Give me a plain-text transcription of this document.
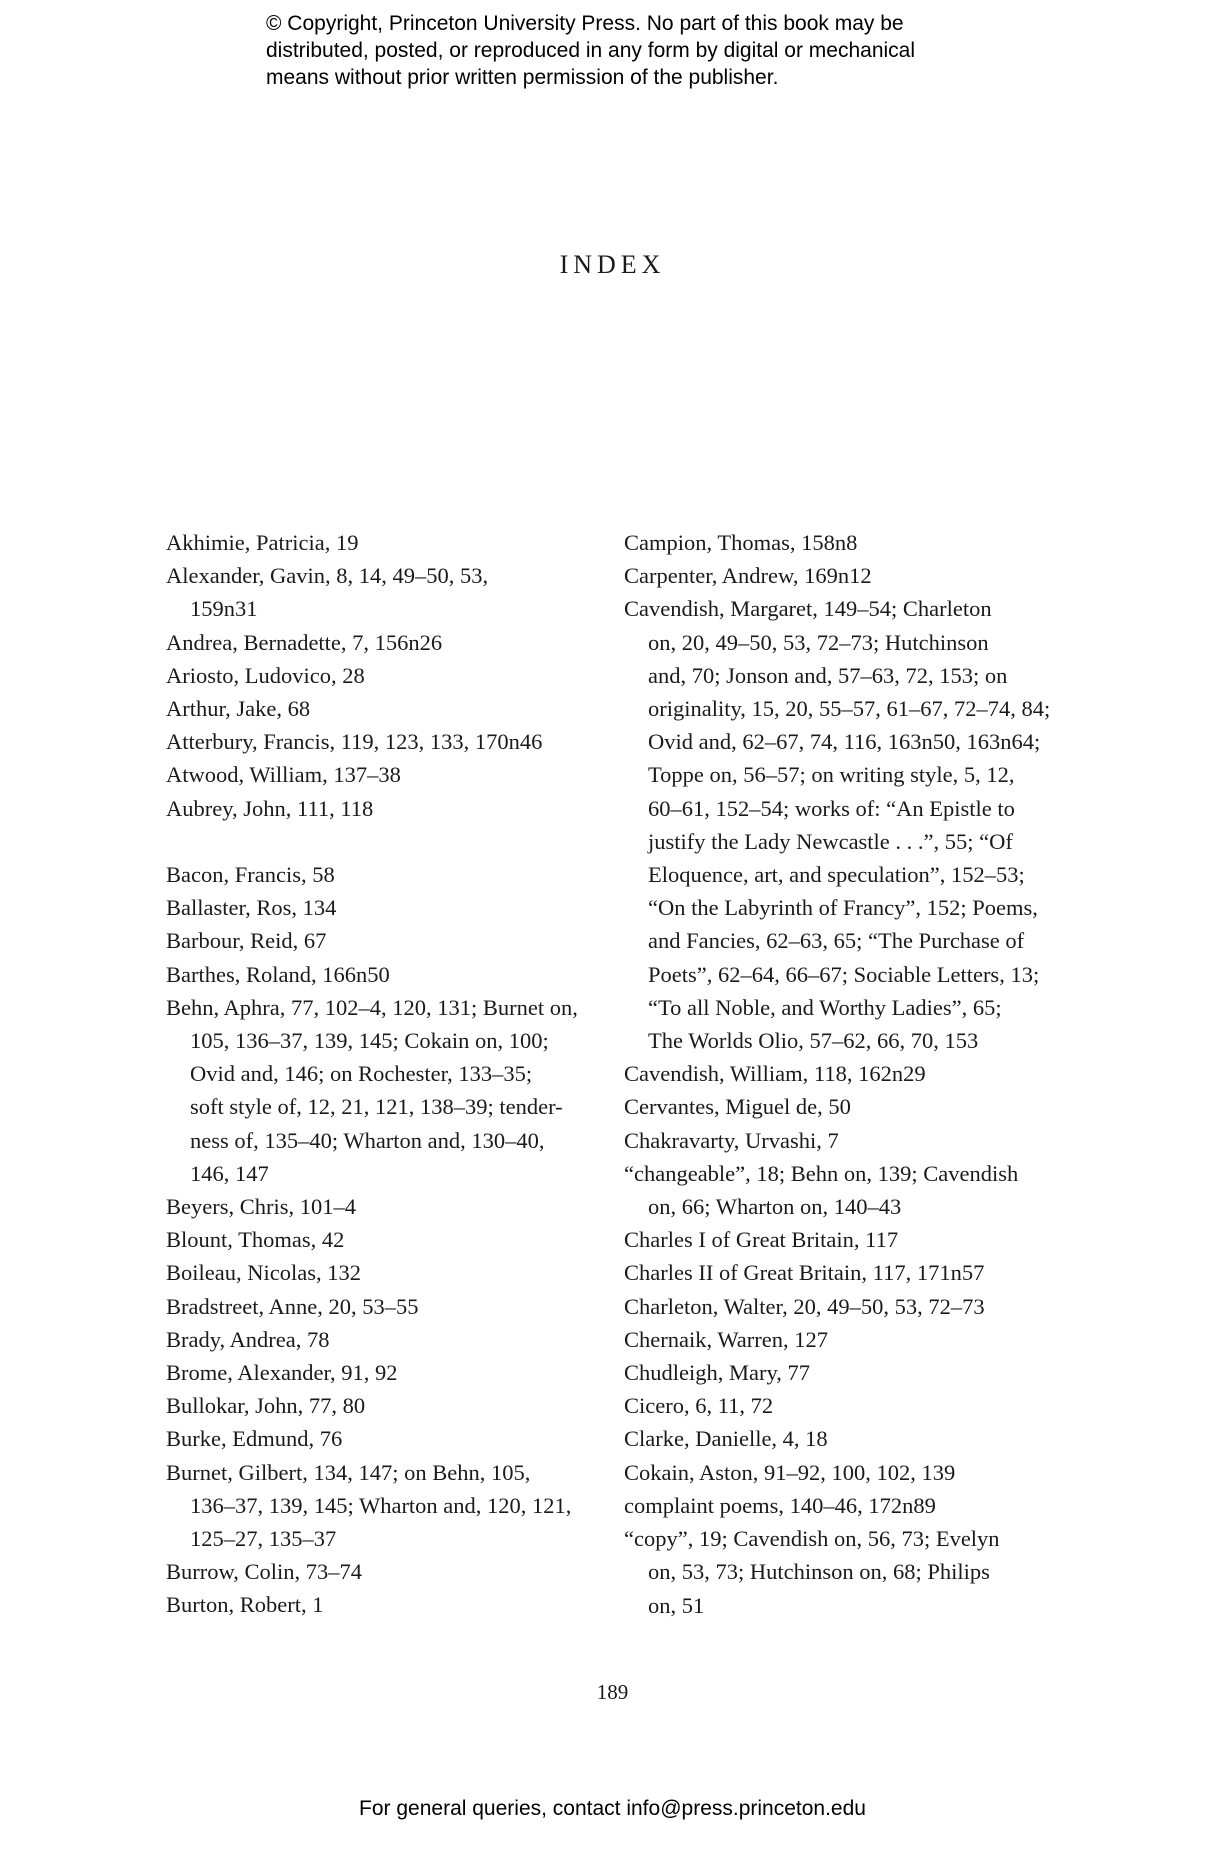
© Copyright, Princeton University Press. No part of this book may be
distributed, posted, or reproduced in any form by digital or mechanical
means without prior written permission of the publisher.
INDEX
Akhimie, Patricia, 19
Alexander, Gavin, 8, 14, 49–50, 53,
159n31
Andrea, Bernadette, 7, 156n26
Ariosto, Ludovico, 28
Arthur, Jake, 68
Atterbury, Francis, 119, 123, 133, 170n46
Atwood, William, 137–38
Aubrey, John, 111, 118
Bacon, Francis, 58
Ballaster, Ros, 134
Barbour, Reid, 67
Barthes, Roland, 166n50
Behn, Aphra, 77, 102–4, 120, 131; Burnet on,
105, 136–37, 139, 145; Cokain on, 100;
Ovid and, 146; on Rochester, 133–35;
soft style of, 12, 21, 121, 138–39; tender-
ness of, 135–40; Wharton and, 130–40,
146, 147
Beyers, Chris, 101–4
Blount, Thomas, 42
Boileau, Nicolas, 132
Bradstreet, Anne, 20, 53–55
Brady, Andrea, 78
Brome, Alexander, 91, 92
Bullokar, John, 77, 80
Burke, Edmund, 76
Burnet, Gilbert, 134, 147; on Behn, 105,
136–37, 139, 145; Wharton and, 120, 121,
125–27, 135–37
Burrow, Colin, 73–74
Burton, Robert, 1
Campion, Thomas, 158n8
Carpenter, Andrew, 169n12
Cavendish, Margaret, 149–54; Charleton
on, 20, 49–50, 53, 72–73; Hutchinson
and, 70; Jonson and, 57–63, 72, 153; on
originality, 15, 20, 55–57, 61–67, 72–74, 84;
Ovid and, 62–67, 74, 116, 163n50, 163n64;
Toppe on, 56–57; on writing style, 5, 12,
60–61, 152–54; works of: “An Epistle to
justify the Lady Newcastle . . .”, 55; “Of
Eloquence, art, and speculation”, 152–53;
“On the Labyrinth of Francy”, 152; Poems,
and Fancies, 62–63, 65; “The Purchase of
Poets”, 62–64, 66–67; Sociable Letters, 13;
“To all Noble, and Worthy Ladies”, 65;
The Worlds Olio, 57–62, 66, 70, 153
Cavendish, William, 118, 162n29
Cervantes, Miguel de, 50
Chakravarty, Urvashi, 7
“changeable”, 18; Behn on, 139; Cavendish
on, 66; Wharton on, 140–43
Charles I of Great Britain, 117
Charles II of Great Britain, 117, 171n57
Charleton, Walter, 20, 49–50, 53, 72–73
Chernaik, Warren, 127
Chudleigh, Mary, 77
Cicero, 6, 11, 72
Clarke, Danielle, 4, 18
Cokain, Aston, 91–92, 100, 102, 139
complaint poems, 140–46, 172n89
“copy”, 19; Cavendish on, 56, 73; Evelyn
on, 53, 73; Hutchinson on, 68; Philips
on, 51
189
For general queries, contact info@press.princeton.edu
